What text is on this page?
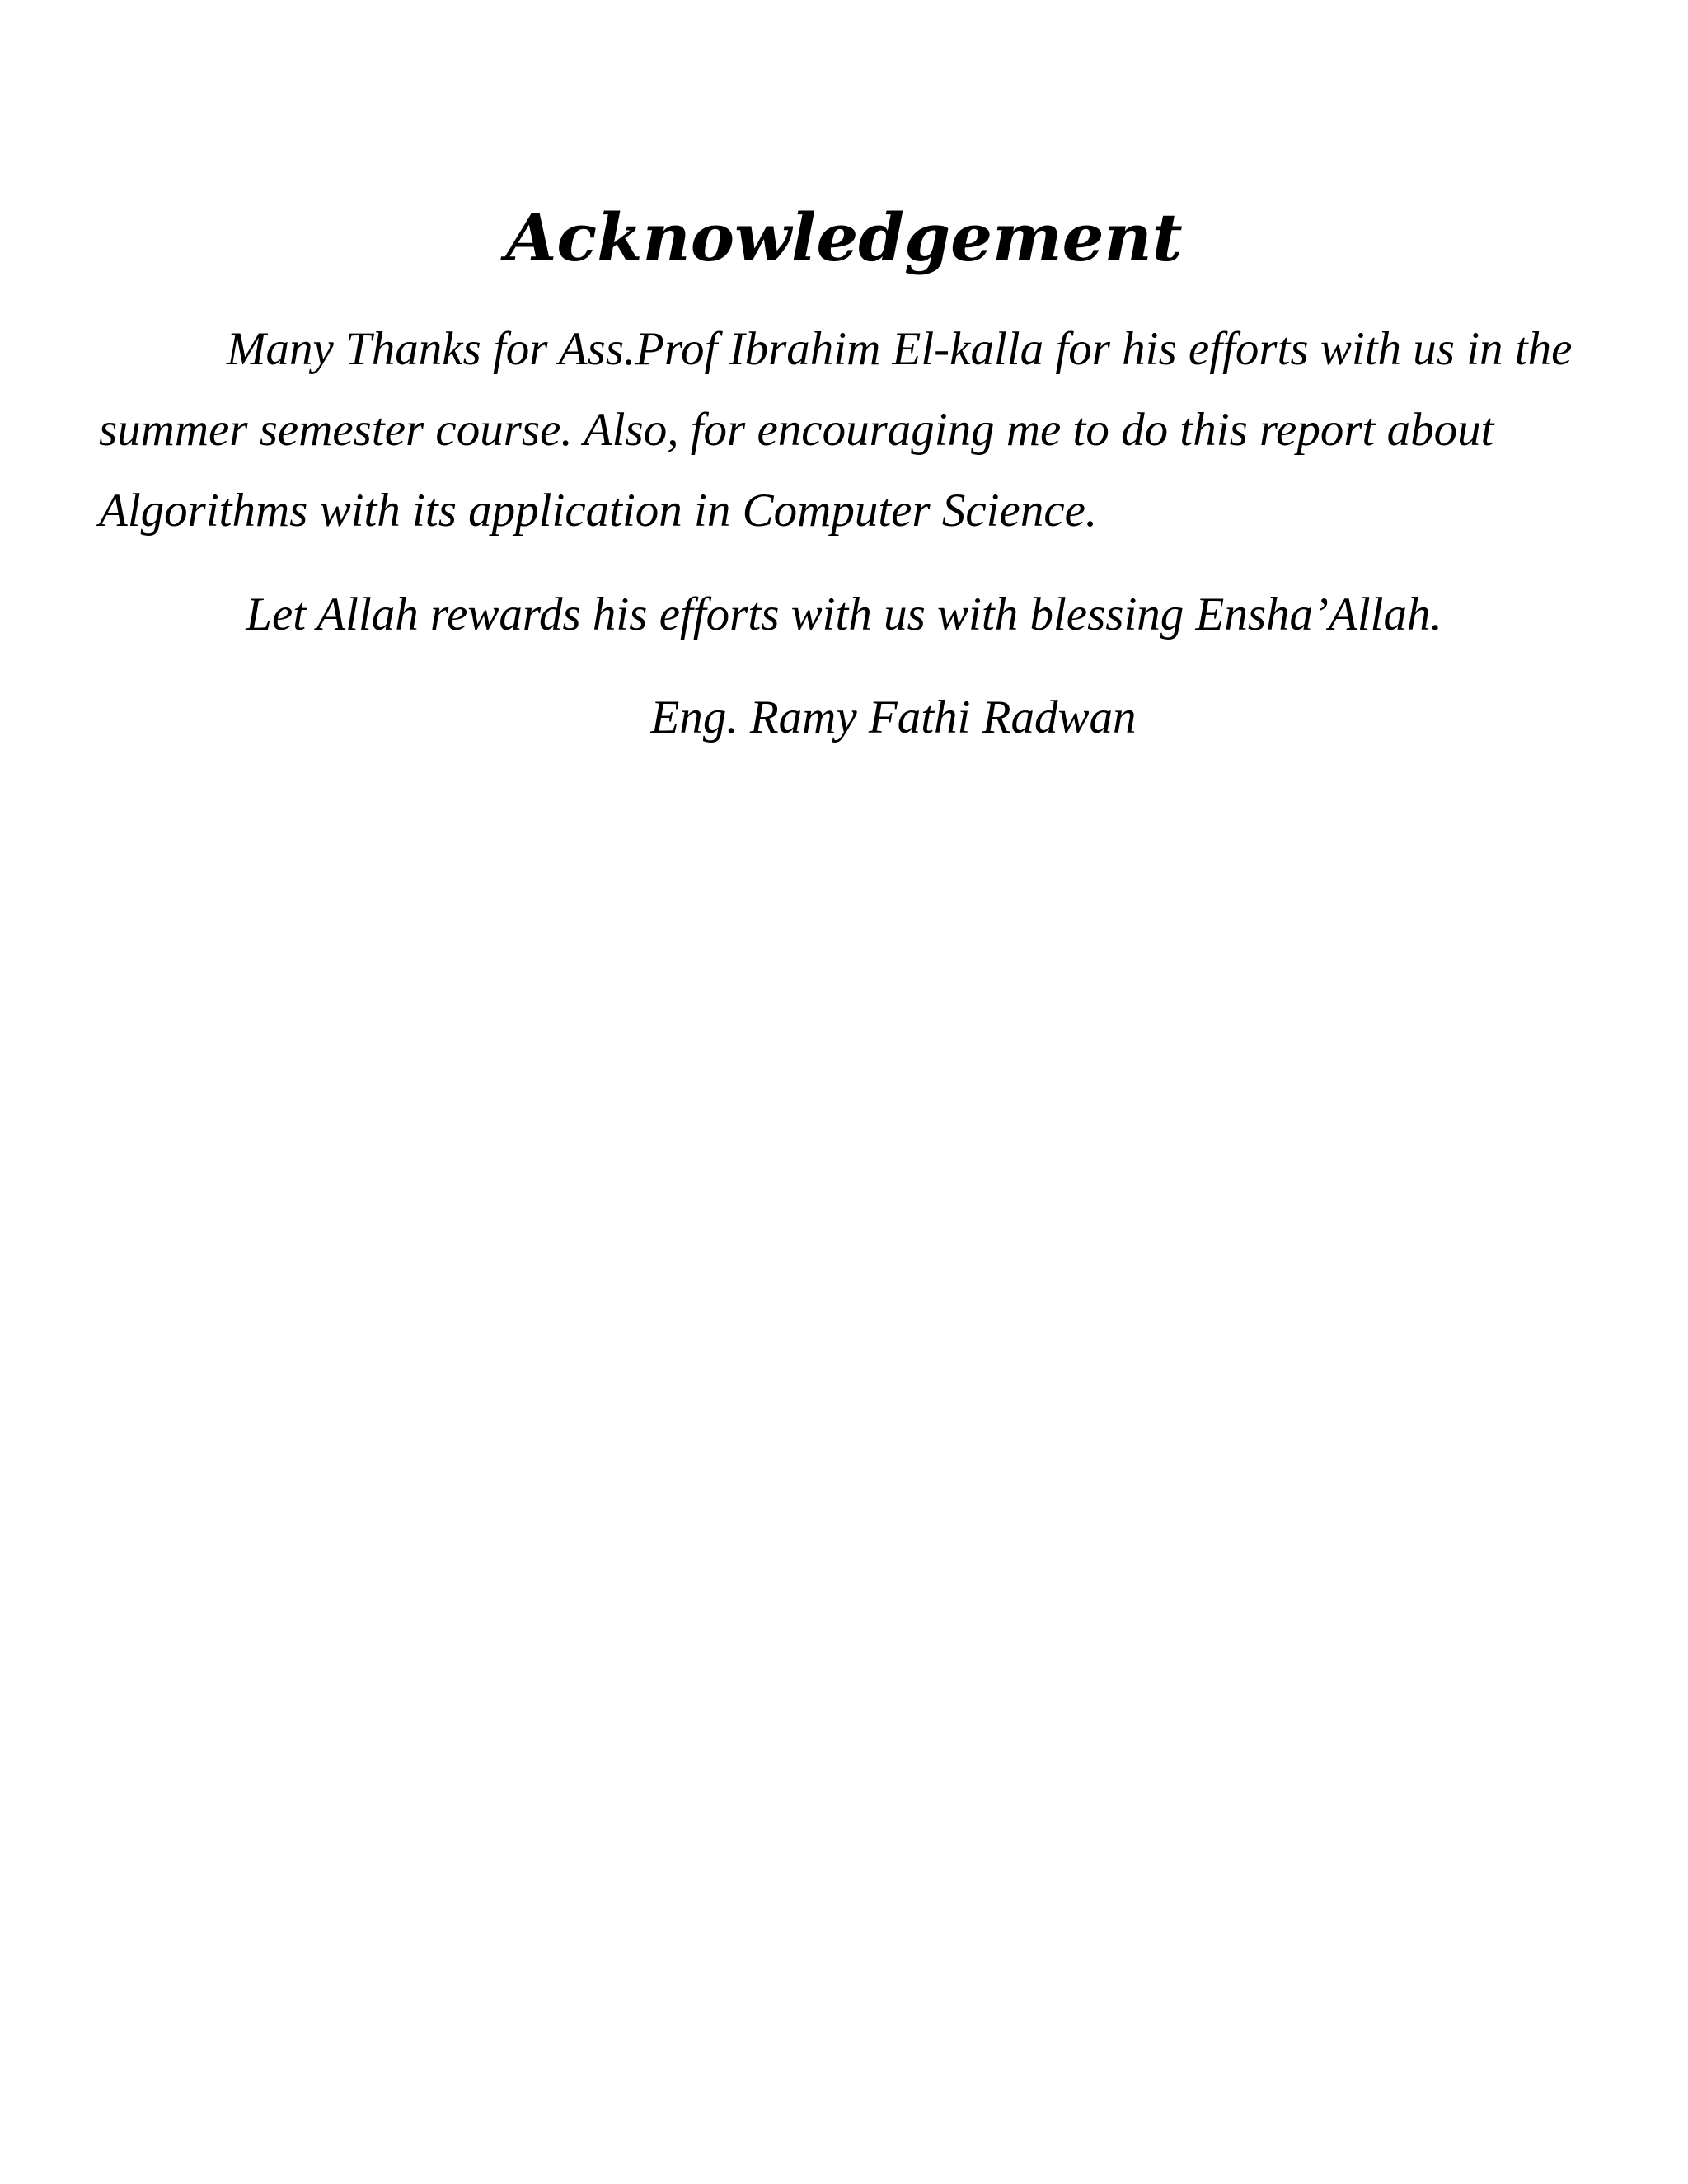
Acknowledgement

Many Thanks for Ass.Prof Ibrahim El-kalla for his efforts with us in the summer semester course. Also, for encouraging me to do this report about Algorithms with its application in Computer Science.

Let Allah rewards his efforts with us with blessing Ensha’Allah.

Eng. Ramy Fathi Radwan
